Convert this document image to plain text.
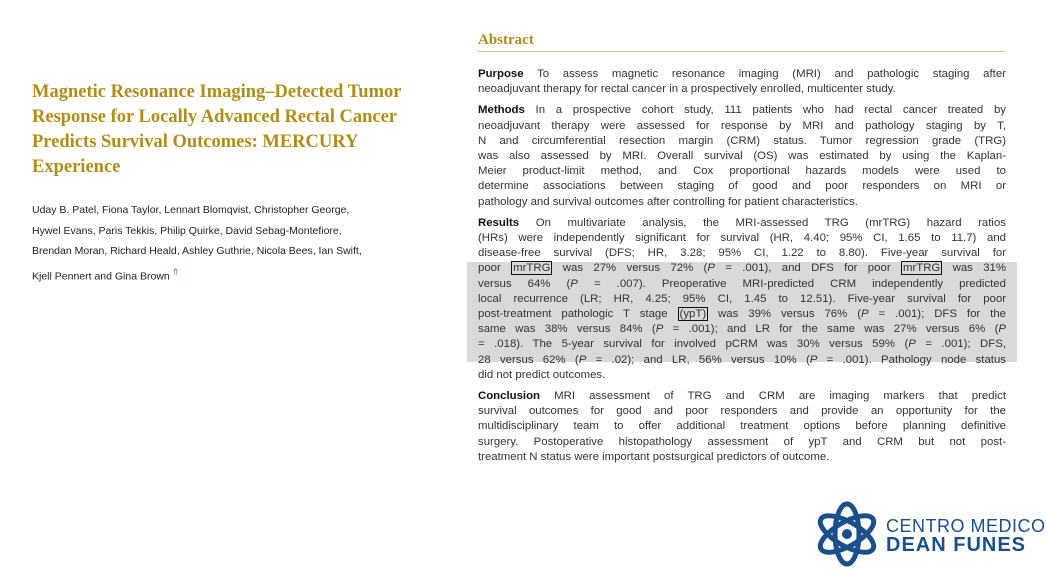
Magnetic Resonance Imaging–Detected Tumor
Response for Locally Advanced Rectal Cancer
Predicts Survival Outcomes: MERCURY
Experience
Uday B. Patel, Fiona Taylor, Lennart Blomqvist, Christopher George,
Hywel Evans, Paris Tekkis, Philip Quirke, David Sebag-Montefiore,
Brendan Moran, Richard Heald, Ashley Guthrie, Nicola Bees, Ian Swift,
Kjell Pennert and Gina Brown ⇑
Abstract
Purpose To assess magnetic resonance imaging (MRI) and pathologic staging after
neoadjuvant therapy for rectal cancer in a prospectively enrolled, multicenter study.
Methods In a prospective cohort study, 111 patients who had rectal cancer treated by
neoadjuvant therapy were assessed for response by MRI and pathology staging by T,
N and circumferential resection margin (CRM) status. Tumor regression grade (TRG)
was also assessed by MRI. Overall survival (OS) was estimated by using the Kaplan-
Meier product-limit method, and Cox proportional hazards models were used to
determine associations between staging of good and poor responders on MRI or
pathology and survival outcomes after controlling for patient characteristics.
Results On multivariate analysis, the MRI-assessed TRG (mrTRG) hazard ratios
(HRs) were independently significant for survival (HR, 4.40; 95% CI, 1.65 to 11.7) and
disease-free survival (DFS; HR, 3.28; 95% CI, 1.22 to 8.80). Five-year survival for
poor mrTRG was 27% versus 72% (P = .001), and DFS for poor mrTRG was 31%
versus 64% (P = .007). Preoperative MRI-predicted CRM independently predicted
local recurrence (LR; HR, 4.25; 95% CI, 1.45 to 12.51). Five-year survival for poor
post-treatment pathologic T stage (ypT) was 39% versus 76% (P = .001); DFS for the
same was 38% versus 84% (P = .001); and LR for the same was 27% versus 6% (P
= .018). The 5-year survival for involved pCRM was 30% versus 59% (P = .001); DFS,
28 versus 62% (P = .02); and LR, 56% versus 10% (P = .001). Pathology node status
did not predict outcomes.
Conclusion MRI assessment of TRG and CRM are imaging markers that predict
survival outcomes for good and poor responders and provide an opportunity for the
multidisciplinary team to offer additional treatment options before planning definitive
surgery. Postoperative histopathology assessment of ypT and CRM but not post-
treatment N status were important postsurgical predictors of outcome.
CENTRO MEDICO
DEAN FUNES
